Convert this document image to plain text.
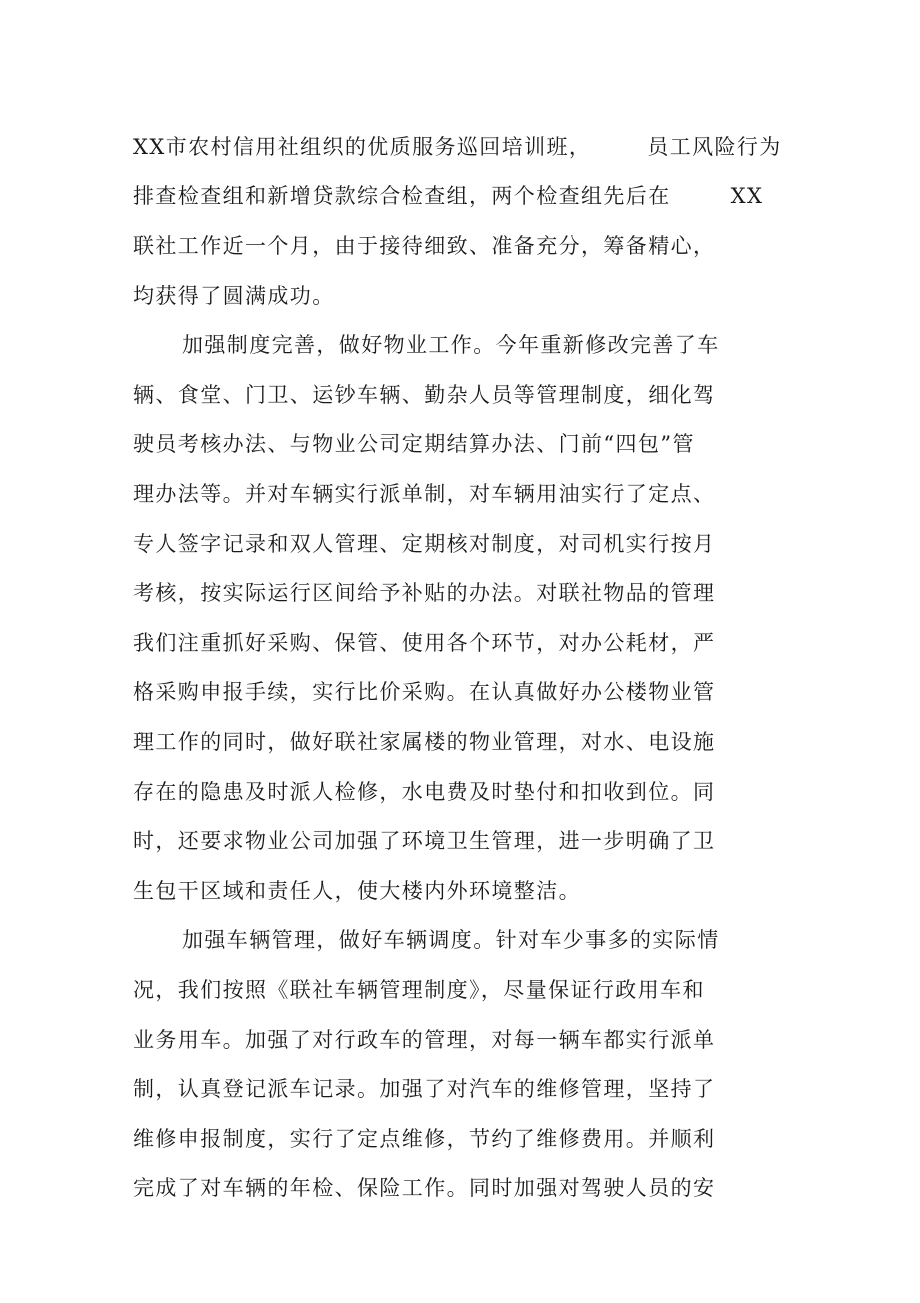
XX市农村信用社组织的优质服务巡回培训班，	员工风险行为
排查检查组和新增贷款综合检查组，两个检查组先后在	XX
联社工作近一个月，由于接待细致、准备充分，筹备精心，
均获得了圆满成功。
加强制度完善，做好物业工作。今年重新修改完善了车
辆、食堂、门卫、运钞车辆、勤杂人员等管理制度，细化驾
驶员考核办法、与物业公司定期结算办法、门前“四包”管
理办法等。并对车辆实行派单制，对车辆用油实行了定点、
专人签字记录和双人管理、定期核对制度，对司机实行按月
考核，按实际运行区间给予补贴的办法。对联社物品的管理
我们注重抓好采购、保管、使用各个环节，对办公耗材，严
格采购申报手续，实行比价采购。在认真做好办公楼物业管
理工作的同时，做好联社家属楼的物业管理，对水、电设施
存在的隐患及时派人检修，水电费及时垫付和扣收到位。同
时，还要求物业公司加强了环境卫生管理，进一步明确了卫
生包干区域和责任人，使大楼内外环境整洁。
加强车辆管理，做好车辆调度。针对车少事多的实际情
况，我们按照《联社车辆管理制度》，尽量保证行政用车和
业务用车。加强了对行政车的管理，对每一辆车都实行派单
制，认真登记派车记录。加强了对汽车的维修管理，坚持了
维修申报制度，实行了定点维修，节约了维修费用。并顺利
完成了对车辆的年检、保险工作。同时加强对驾驶人员的安
